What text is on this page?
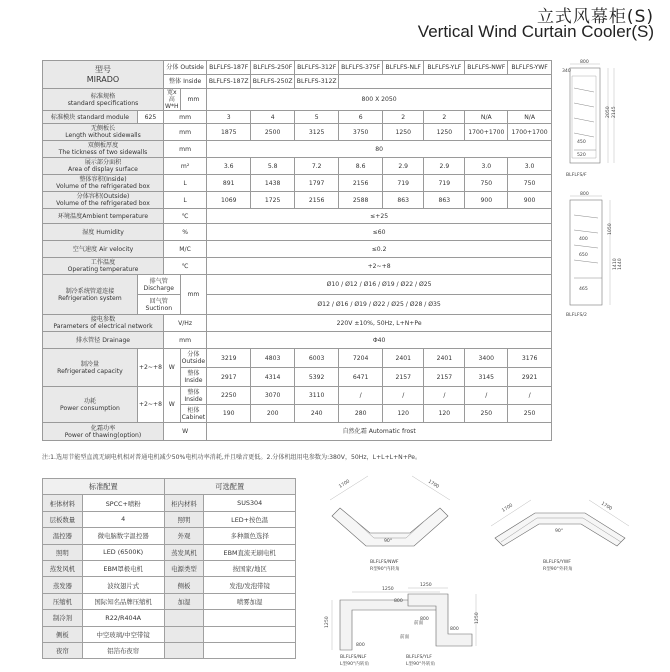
立式风幕柜(S)
Vertical Wind Curtain Cooler(S)
型号
MIRADO		分体 Outside		BLFLFS-187F	BLFLFS-250F	BLFLFS-312F	BLFLFS-375F	BLFLFS-NLF	BLFLFS-YLF	BLFLFS-NWF	BLFLFS-YWF
		整体 Inside		BLFLFS-187Z	BLFLFS-250Z	BLFLFS-312Z					
标准规格
standard specifications		宽x高
W*H	mm	800 X 2050							
标准模块 standard module	625	mm		3	4	5	6	2	2	N/A	N/A
无侧板长
Length without sidewalls		mm		1875	2500	3125	3750	1250	1250	1700+1700	1700+1700
双侧板厚度
The tickness of two sidewalls		mm		80							
展示部分面积
Area of display surface		m²		3.6	5.8	7.2	8.6	2.9	2.9	3.0	3.0
整体容积(Inside)
Volume of the refrigerated box		L		891	1438	1797	2156	719	719	750	750
分体容积(Outside)
Volume of the refrigerated box		L		1069	1725	2156	2588	863	863	900	900
环境温度Ambient temperature		℃		≤+25							
湿度 Humidity		%		≤60							
空气速度 Air velocity		M/C		≤0.2							
工作温度
Operating temperature		℃		+2~+8							
制冷系统管道连接
Refrigeration system	排气管
Discharge		mm	Ø10 / Ø12 / Ø16 / Ø19 / Ø22 / Ø25							
	回气管
Suctinon			Ø12 / Ø16 / Ø19 / Ø22 / Ø25 / Ø28 / Ø35							
接电参数
Parameters of electrical network		V/Hz		220V ±10%, 50Hz, L+N+Pe							
排水管径 Drainage		mm		Φ40							
制冷量
Refrigerated capacity	+2~+8	W	分体
Outside	3219	4803	6003	7204	2401	2401	3400	3176
			整体
Inside	2917	4314	5392	6471	2157	2157	3145	2921
功耗
Power consumption	+2~+8	W	整体
Inside	2250	3070	3110	/	/	/	/	/
			柜体
Cabinet	190	200	240	280	120	120	250	250
化霜功率
Power of thawing(option)		W		自然化霜 Automatic frost							
注:1.选用节能型直流无刷电机相对普通电机减少50%电机功率消耗,并且噪音更低。2.分体机组用电参数为:380V，50Hz，L+L+L+N+Pe。
标准配置		可选配置	
柜体材料	SPCC+喷粉	柜内材料	SUS304
层板数量	4	照明	LED+按色温
温控器	微电脑数字温控器	外观	多种颜色选择
照明	LED (6500K)	蒸发风机	EBM直流无刷电机
蒸发风机	EBM罩极电机	电源类型	按国家/地区
蒸发器	波纹翅片式	侧板	发泡/发泡带镜
压缩机	国际知名品牌压缩机	加湿	喷雾加湿
制冷剂	R22/R404A		
侧板	中空玻璃/中空带镜		
夜帘	铝箔布夜帘		
800
340
2050 2145
450
520
BLFLFS/F
800
1050
1410 1440
400
650
465
BLFLFS/2
1700	1700
90°
BLFLFS/NWF
R型90°内转角
1700	1700
90°
BLFLFS/YWF
R型90°外转角
1250
800
1250
800
前面
BLFLFS/NLF
L型90°内转角
800
1250
1250
800
前面
BLFLFS/YLF
L型90°外转角
